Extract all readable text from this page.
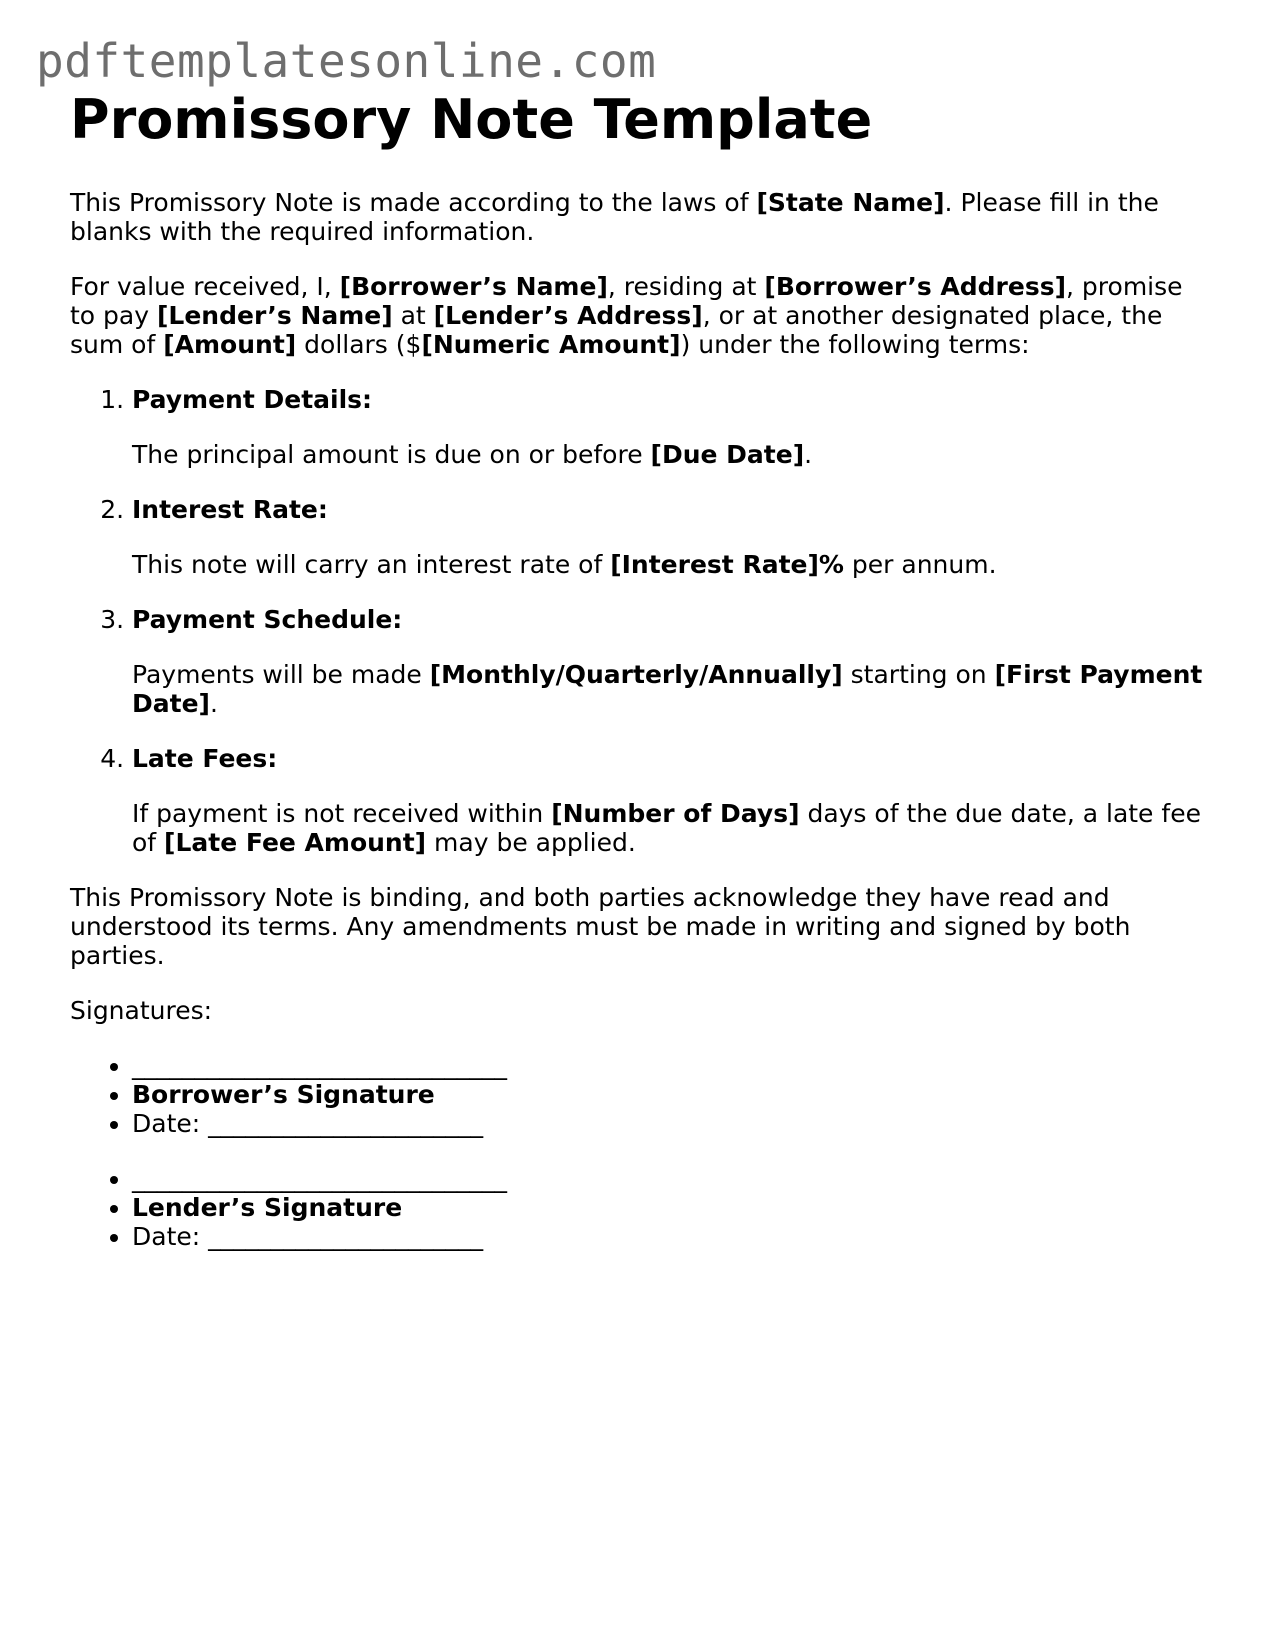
pdftemplatesonline.com
Promissory Note Template

This Promissory Note is made according to the laws of [State Name]. Please fill in the blanks with the required information.

For value received, I, [Borrower’s Name], residing at [Borrower’s Address], promise to pay [Lender’s Name] at [Lender’s Address], or at another designated place, the sum of [Amount] dollars ($[Numeric Amount]) under the following terms:

1. Payment Details:
The principal amount is due on or before [Due Date].
2. Interest Rate:
This note will carry an interest rate of [Interest Rate]% per annum.
3. Payment Schedule:
Payments will be made [Monthly/Quarterly/Annually] starting on [First Payment Date].
4. Late Fees:
If payment is not received within [Number of Days] days of the due date, a late fee of [Late Fee Amount] may be applied.

This Promissory Note is binding, and both parties acknowledge they have read and understood its terms. Any amendments must be made in writing and signed by both parties.

Signatures:

• ______________________________
• Borrower’s Signature
• Date: ______________________
• ______________________________
• Lender’s Signature
• Date: ______________________
